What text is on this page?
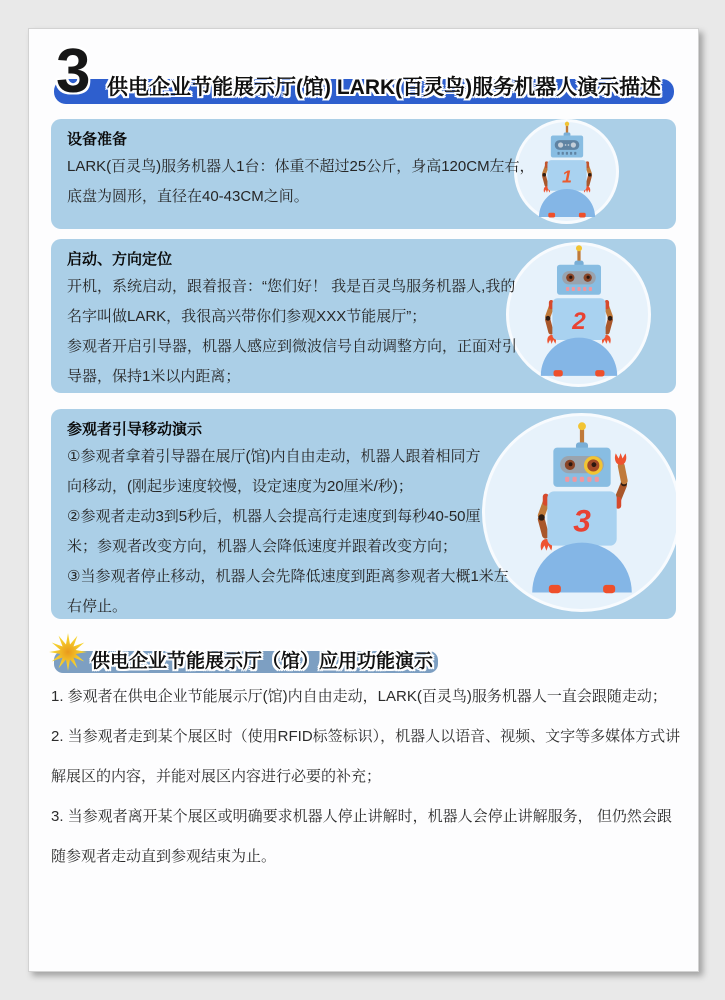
3 供电企业节能展示厅(馆) LARK(百灵鸟)服务机器人演示描述
1
设备准备
LARK(百灵鸟)服务机器人1台：体重不超过25公斤，身高120CM左右，
底盘为圆形，直径在40-43CM之间。
2
启动、方向定位
开机，系统启动，跟着报音：“您们好！ 我是百灵鸟服务机器人,我的
名字叫做LARK，我很高兴带你们参观XXX节能展厅”；
参观者开启引导器，机器人感应到微波信号自动调整方向，正面对引
导器，保持1米以内距离；
3
参观者引导移动演示
①参观者拿着引导器在展厅(馆)内自由走动，机器人跟着相同方
向移动，(刚起步速度较慢，设定速度为20厘米/秒)；
②参观者走动3到5秒后，机器人会提高行走速度到每秒40-50厘
米；参观者改变方向，机器人会降低速度并跟着改变方向；
③当参观者停止移动，机器人会先降低速度到距离参观者大概1米左
右停止。
供电企业节能展示厅（馆）应用功能演示
1. 参观者在供电企业节能展示厅(馆)内自由走动，LARK(百灵鸟)服务机器人一直会跟随走动；
2. 当参观者走到某个展区时（使用RFID标签标识），机器人以语音、视频、文字等多媒体方式讲解展区的内容，并能对展区内容进行必要的补充；
3. 当参观者离开某个展区或明确要求机器人停止讲解时，机器人会停止讲解服务， 但仍然会跟随参观者走动直到参观结束为止。
